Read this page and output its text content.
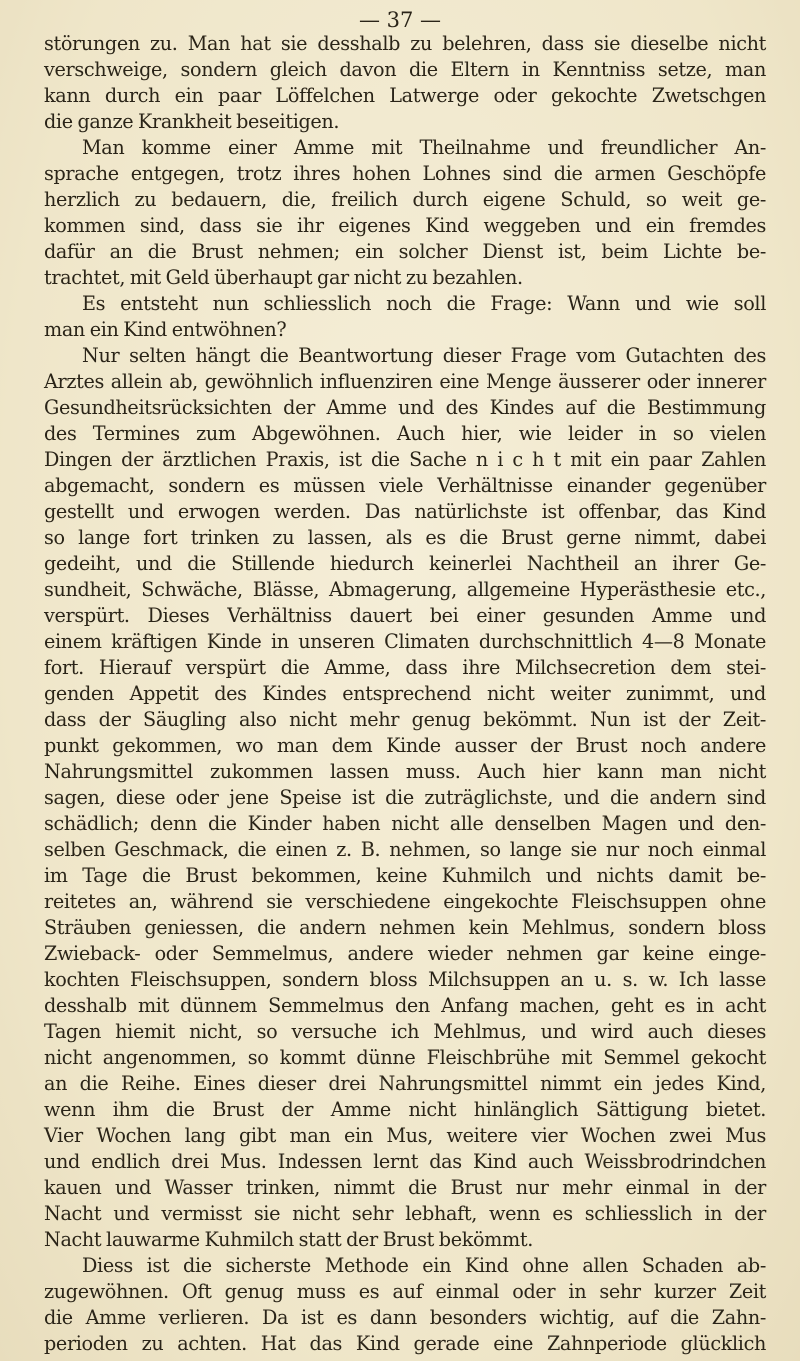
— 37 —
störungen zu. Man hat sie desshalb zu belehren, dass sie dieselbe nicht
verschweige, sondern gleich davon die Eltern in Kenntniss setze, man
kann durch ein paar Löffelchen Latwerge oder gekochte Zwetschgen
die ganze Krankheit beseitigen.
Man komme einer Amme mit Theilnahme und freundlicher An-
sprache entgegen, trotz ihres hohen Lohnes sind die armen Geschöpfe
herzlich zu bedauern, die, freilich durch eigene Schuld, so weit ge-
kommen sind, dass sie ihr eigenes Kind weggeben und ein fremdes
dafür an die Brust nehmen; ein solcher Dienst ist, beim Lichte be-
trachtet, mit Geld überhaupt gar nicht zu bezahlen.
Es entsteht nun schliesslich noch die Frage: Wann und wie soll
man ein Kind entwöhnen?
Nur selten hängt die Beantwortung dieser Frage vom Gutachten des
Arztes allein ab, gewöhnlich influenziren eine Menge äusserer oder innerer
Gesundheitsrücksichten der Amme und des Kindes auf die Bestimmung
des Termines zum Abgewöhnen. Auch hier, wie leider in so vielen
Dingen der ärztlichen Praxis, ist die Sache n i c h t mit ein paar Zahlen
abgemacht, sondern es müssen viele Verhältnisse einander gegenüber
gestellt und erwogen werden. Das natürlichste ist offenbar, das Kind
so lange fort trinken zu lassen, als es die Brust gerne nimmt, dabei
gedeiht, und die Stillende hiedurch keinerlei Nachtheil an ihrer Ge-
sundheit, Schwäche, Blässe, Abmagerung, allgemeine Hyperästhesie etc.,
verspürt. Dieses Verhältniss dauert bei einer gesunden Amme und
einem kräftigen Kinde in unseren Climaten durchschnittlich 4—8 Monate
fort. Hierauf verspürt die Amme, dass ihre Milchsecretion dem stei-
genden Appetit des Kindes entsprechend nicht weiter zunimmt, und
dass der Säugling also nicht mehr genug bekömmt. Nun ist der Zeit-
punkt gekommen, wo man dem Kinde ausser der Brust noch andere
Nahrungsmittel zukommen lassen muss. Auch hier kann man nicht
sagen, diese oder jene Speise ist die zuträglichste, und die andern sind
schädlich; denn die Kinder haben nicht alle denselben Magen und den-
selben Geschmack, die einen z. B. nehmen, so lange sie nur noch einmal
im Tage die Brust bekommen, keine Kuhmilch und nichts damit be-
reitetes an, während sie verschiedene eingekochte Fleischsuppen ohne
Sträuben geniessen, die andern nehmen kein Mehlmus, sondern bloss
Zwieback- oder Semmelmus, andere wieder nehmen gar keine einge-
kochten Fleischsuppen, sondern bloss Milchsuppen an u. s. w. Ich lasse
desshalb mit dünnem Semmelmus den Anfang machen, geht es in acht
Tagen hiemit nicht, so versuche ich Mehlmus, und wird auch dieses
nicht angenommen, so kommt dünne Fleischbrühe mit Semmel gekocht
an die Reihe. Eines dieser drei Nahrungsmittel nimmt ein jedes Kind,
wenn ihm die Brust der Amme nicht hinlänglich Sättigung bietet.
Vier Wochen lang gibt man ein Mus, weitere vier Wochen zwei Mus
und endlich drei Mus. Indessen lernt das Kind auch Weissbrodrindchen
kauen und Wasser trinken, nimmt die Brust nur mehr einmal in der
Nacht und vermisst sie nicht sehr lebhaft, wenn es schliesslich in der
Nacht lauwarme Kuhmilch statt der Brust bekömmt.
Diess ist die sicherste Methode ein Kind ohne allen Schaden ab-
zugewöhnen. Oft genug muss es auf einmal oder in sehr kurzer Zeit
die Amme verlieren. Da ist es dann besonders wichtig, auf die Zahn-
perioden zu achten. Hat das Kind gerade eine Zahnperiode glücklich
